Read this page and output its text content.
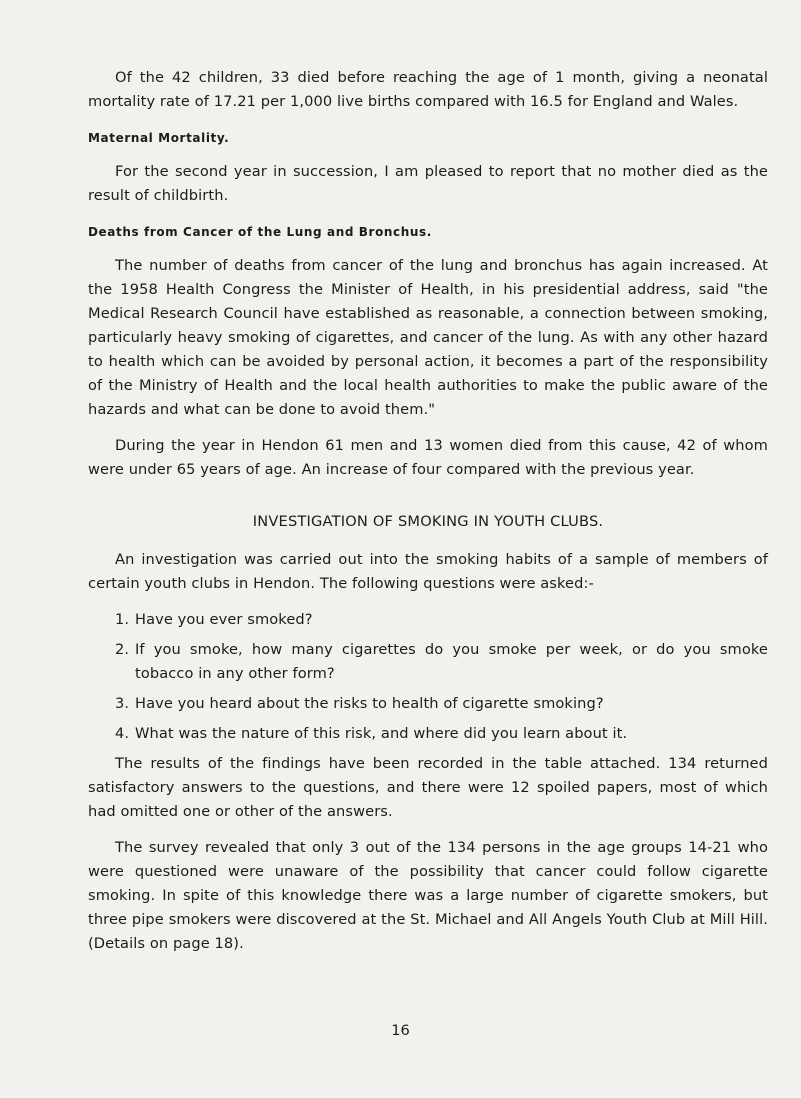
Of the 42 children, 33 died before reaching the age of 1 month, giving a neonatal mortality rate of 17.21 per 1,000 live births compared with 16.5 for England and Wales.

Maternal Mortality.

For the second year in succession, I am pleased to report that no mother died as the result of childbirth.

Deaths from Cancer of the Lung and Bronchus.

The number of deaths from cancer of the lung and bronchus has again increased. At the 1958 Health Congress the Minister of Health, in his presidential address, said "the Medical Research Council have established as reasonable, a connection between smoking, particularly heavy smoking of cigarettes, and cancer of the lung. As with any other hazard to health which can be avoided by personal action, it becomes a part of the responsibility of the Ministry of Health and the local health authorities to make the public aware of the hazards and what can be done to avoid them."

During the year in Hendon 61 men and 13 women died from this cause, 42 of whom were under 65 years of age. An increase of four compared with the previous year.

INVESTIGATION OF SMOKING IN YOUTH CLUBS.

An investigation was carried out into the smoking habits of a sample of members of certain youth clubs in Hendon. The following questions were asked:-

1. Have you ever smoked?
2. If you smoke, how many cigarettes do you smoke per week, or do you smoke tobacco in any other form?
3. Have you heard about the risks to health of cigarette smoking?
4. What was the nature of this risk, and where did you learn about it.

The results of the findings have been recorded in the table attached. 134 returned satisfactory answers to the questions, and there were 12 spoiled papers, most of which had omitted one or other of the answers.

The survey revealed that only 3 out of the 134 persons in the age groups 14-21 who were questioned were unaware of the possibility that cancer could follow cigarette smoking. In spite of this knowledge there was a large number of cigarette smokers, but three pipe smokers were discovered at the St. Michael and All Angels Youth Club at Mill Hill. (Details on page 18).

16
